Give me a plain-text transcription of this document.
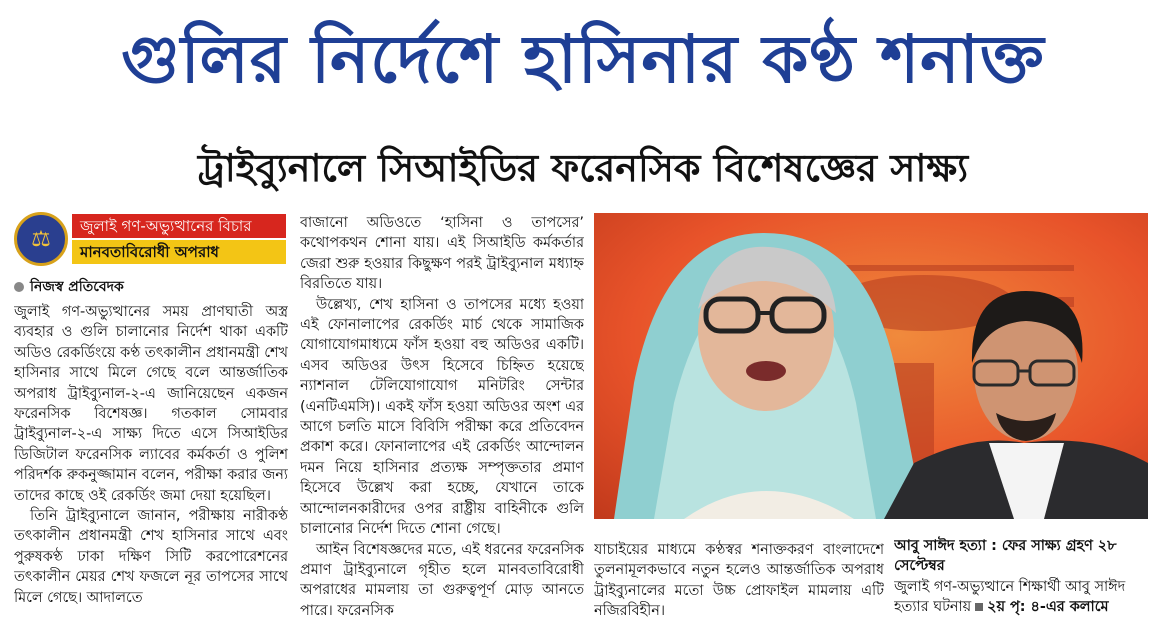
গুলির নির্দেশে হাসিনার কণ্ঠ শনাক্ত
ট্রাইব্যুনালে সিআইডির ফরেনসিক বিশেষজ্ঞের সাক্ষ্য
⚖
জুলাই গণ-অভ্যুত্থানের বিচার
মানবতাবিরোধী অপরাধ
নিজস্ব প্রতিবেদক

জুলাই গণ-অভ্যুত্থানের সময় প্রাণঘাতী অস্ত্র ব্যবহার ও গুলি চালানোর নির্দেশ থাকা একটি অডিও রেকর্ডিংয়ে কণ্ঠ তৎকালীন প্রধানমন্ত্রী শেখ হাসিনার সাথে মিলে গেছে বলে আন্তর্জাতিক অপরাধ ট্রাইব্যুনাল-২-এ জানিয়েছেন একজন ফরেনসিক বিশেষজ্ঞ। গতকাল সোমবার ট্রাইব্যুনাল-২-এ সাক্ষ্য দিতে এসে সিআইডির ডিজিটাল ফরেনসিক ল্যাবের কর্মকর্তা ও পুলিশ পরিদর্শক রুকনুজ্জামান বলেন, পরীক্ষা করার জন্য তাদের কাছে ওই রেকর্ডিং জমা দেয়া হয়েছিল।

তিনি ট্রাইব্যুনালে জানান, পরীক্ষায় নারীকণ্ঠ তৎকালীন প্রধানমন্ত্রী শেখ হাসিনার সাথে এবং পুরুষকণ্ঠ ঢাকা দক্ষিণ সিটি করপোরেশনের তৎকালীন মেয়র শেখ ফজলে নূর তাপসের সাথে মিলে গেছে। আদালতে

বাজানো অডিওতে ‘হাসিনা ও তাপসের’ কথোপকথন শোনা যায়। এই সিআইডি কর্মকর্তার জেরা শুরু হওয়ার কিছুক্ষণ পরই ট্রাইব্যুনাল মধ্যাহ্ন বিরতিতে যায়।

উল্লেখ্য, শেখ হাসিনা ও তাপসের মধ্যে হওয়া এই ফোনালাপের রেকর্ডিং মার্চ থেকে সামাজিক যোগাযোগমাধ্যমে ফাঁস হওয়া বহু অডিওর একটি। এসব অডিওর উৎস হিসেবে চিহ্নিত হয়েছে ন্যাশনাল টেলিযোগাযোগ মনিটরিং সেন্টার (এনটিএমসি)। একই ফাঁস হওয়া অডিওর অংশ এর আগে চলতি মাসে বিবিসি পরীক্ষা করে প্রতিবেদন প্রকাশ করে। ফোনালাপের এই রেকর্ডিং আন্দোলন দমন নিয়ে হাসিনার প্রত্যক্ষ সম্পৃক্ততার প্রমাণ হিসেবে উল্লেখ করা হচ্ছে, যেখানে তাকে আন্দোলনকারীদের ওপর রাষ্ট্রীয় বাহিনীকে গুলি চালানোর নির্দেশ দিতে শোনা গেছে।

আইন বিশেষজ্ঞদের মতে, এই ধরনের ফরেনসিক প্রমাণ ট্রাইব্যুনালে গৃহীত হলে মানবতাবিরোধী অপরাধের মামলায় তা গুরুত্বপূর্ণ মোড় আনতে পারে। ফরেনসিক

যাচাইয়ের মাধ্যমে কণ্ঠস্বর শনাক্তকরণ বাংলাদেশে তুলনামূলকভাবে নতুন হলেও আন্তর্জাতিক অপরাধ ট্রাইব্যুনালের মতো উচ্চ প্রোফাইল মামলায় এটি নজিরবিহীন।

আবু সাঈদ হত্যা : ফের সাক্ষ্য গ্রহণ ২৮ সেপ্টেম্বর

জুলাই গণ-অভ্যুত্থানে শিক্ষার্থী আবু সাঈদ হত্যার ঘটনায় ২য় পৃ: ৪-এর কলামে
